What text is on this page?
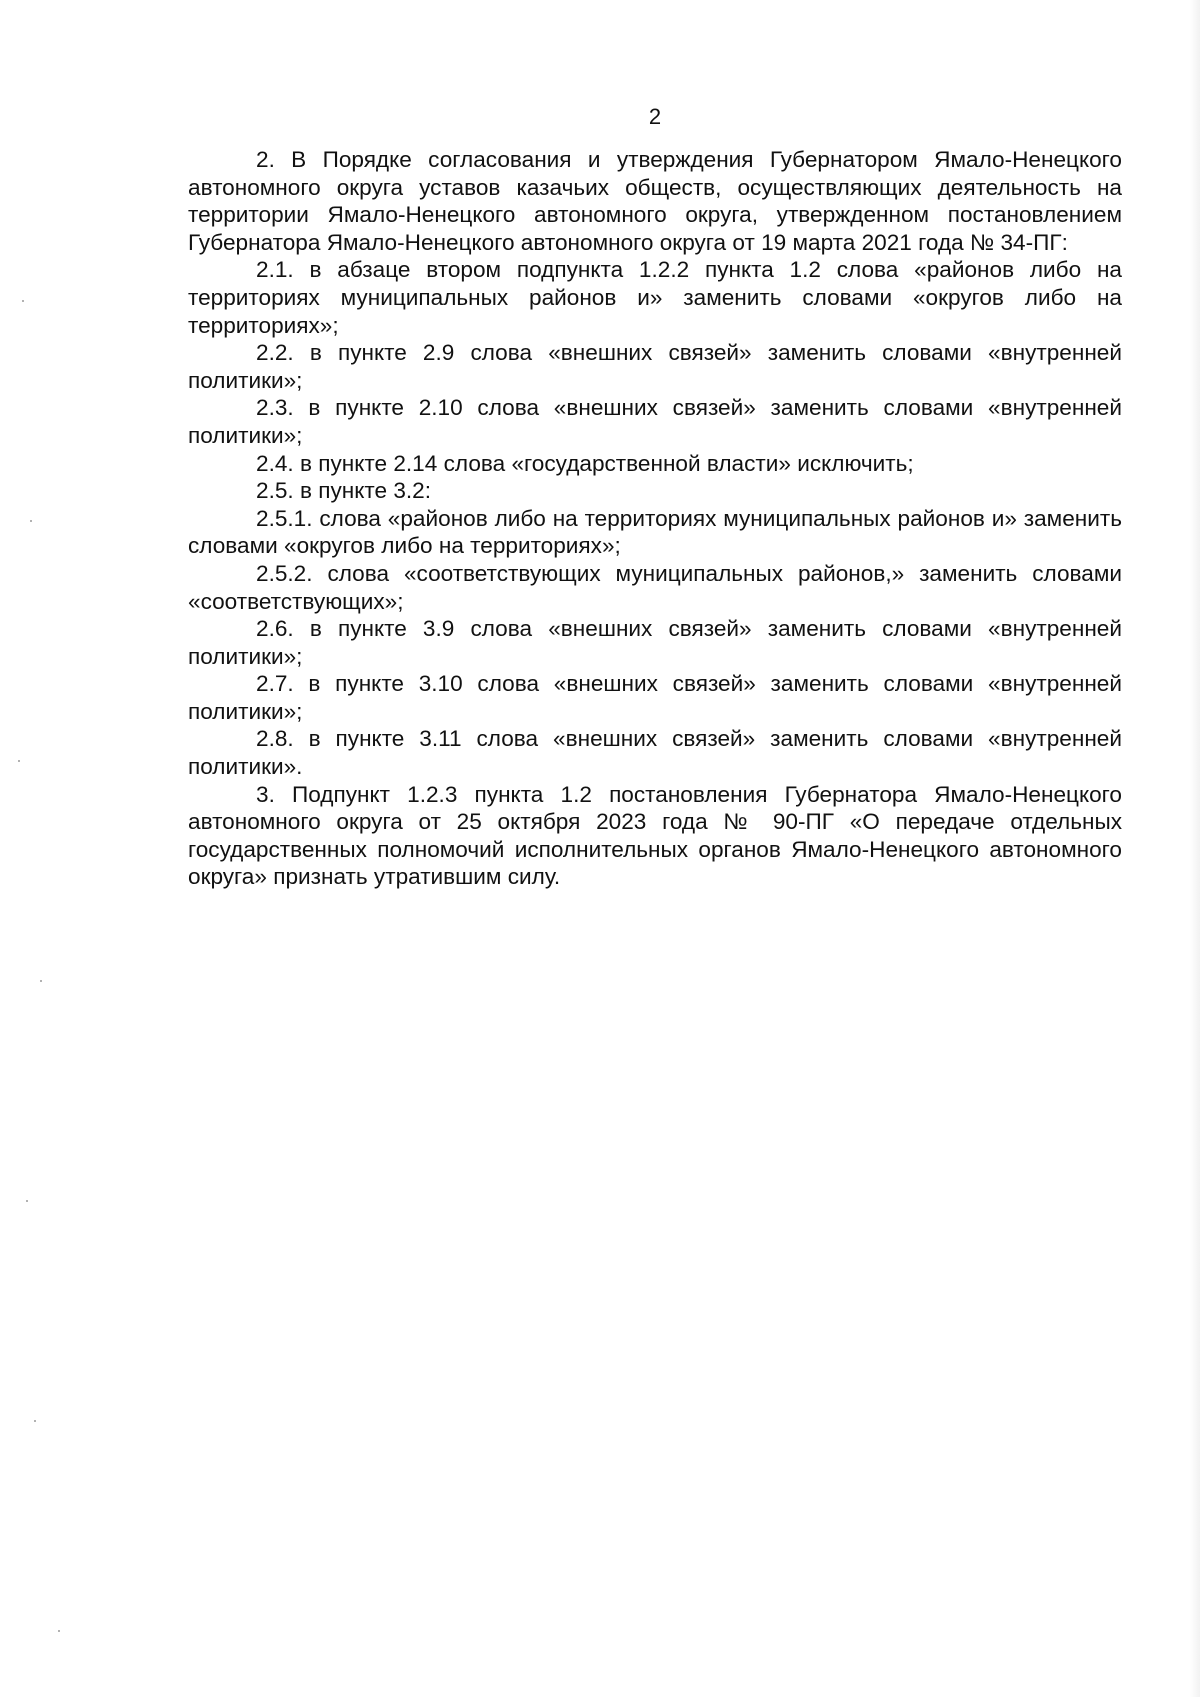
2

2. В Порядке согласования и утверждения Губернатором Ямало-Ненецкого автономного округа уставов казачьих обществ, осуществляющих деятельность на территории Ямало-Ненецкого автономного округа, утвержденном постановлением Губернатора Ямало-Ненецкого автономного округа от 19 марта 2021 года № 34-ПГ:

2.1. в абзаце втором подпункта 1.2.2 пункта 1.2 слова «районов либо на территориях муниципальных районов и» заменить словами «округов либо на территориях»;

2.2. в пункте 2.9 слова «внешних связей» заменить словами «внутренней политики»;

2.3. в пункте 2.10 слова «внешних связей» заменить словами «внутренней политики»;

2.4. в пункте 2.14 слова «государственной власти» исключить;

2.5. в пункте 3.2:

2.5.1. слова «районов либо на территориях муниципальных районов и» заменить словами «округов либо на территориях»;

2.5.2. слова «соответствующих муниципальных районов,» заменить словами «соответствующих»;

2.6. в пункте 3.9 слова «внешних связей» заменить словами «внутренней политики»;

2.7. в пункте 3.10 слова «внешних связей» заменить словами «внутренней политики»;

2.8. в пункте 3.11 слова «внешних связей» заменить словами «внутренней политики».

3. Подпункт 1.2.3 пункта 1.2 постановления Губернатора Ямало-Ненецкого автономного округа от 25 октября 2023 года № 90-ПГ «О передаче отдельных государственных полномочий исполнительных органов Ямало-Ненецкого автономного округа» признать утратившим силу.
